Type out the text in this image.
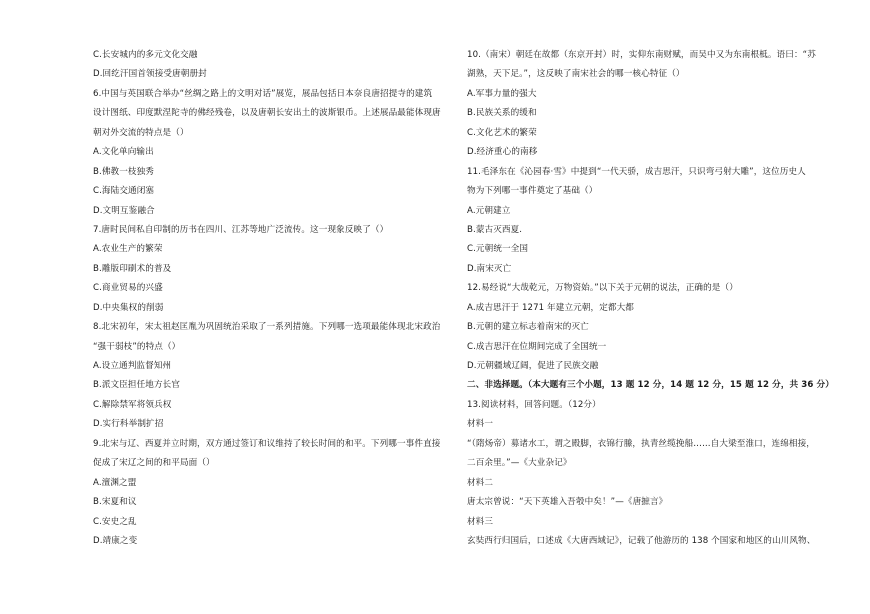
C.长安城内的多元文化交融
D.回纥汗国首领接受唐朝册封
6.中国与英国联合举办“丝绸之路上的文明对话”展览，展品包括日本奈良唐招提寺的建筑
设计图纸、印度默涅陀寺的佛经残卷，以及唐朝长安出土的波斯银币。上述展品最能体现唐
朝对外交流的特点是（）
A.文化单向输出
B.佛教一枝独秀
C.海陆交通闭塞
D.文明互鉴融合
7.唐时民间私自印制的历书在四川、江苏等地广泛流传。这一现象反映了（）
A.农业生产的繁荣
B.雕版印刷术的普及
C.商业贸易的兴盛
D.中央集权的削弱
8.北宋初年，宋太祖赵匡胤为巩固统治采取了一系列措施。下列哪一选项最能体现北宋政治
“强干弱枝”的特点（）
A.设立通判监督知州
B.派文臣担任地方长官
C.解除禁军将领兵权
D.实行科举制扩招
9.北宋与辽、西夏并立时期，双方通过签订和议维持了较长时间的和平。下列哪一事件直接
促成了宋辽之间的和平局面（）
A.澶渊之盟
B.宋夏和议
C.安史之乱
D.靖康之变
10.（南宋）朝廷在故都（东京开封）时，实仰东南财赋，而吴中又为东南根柢。语曰：“苏
湖熟，天下足。”，这反映了南宋社会的哪一核心特征（）
A.军事力量的强大
B.民族关系的缓和
C.文化艺术的繁荣
D.经济重心的南移
11.毛泽东在《沁园春·雪》中提到“一代天骄，成吉思汗，只识弯弓射大雕”，这位历史人
物为下列哪一事件奠定了基础（）
A.元朝建立
B.蒙古灭西夏.
C.元朝统一全国
D.南宋灭亡
12.易经说“大哉乾元，万物资始。”以下关于元朝的说法，正确的是（）
A.成吉思汗于 1271 年建立元朝，定都大都
B.元朝的建立标志着南宋的灭亡
C.成吉思汗在位期间完成了全国统一
D.元朝疆域辽阔，促进了民族交融
二、非选择题。（本大题有三个小题，13 题 12 分，14 题 12 分，15 题 12 分，共 36 分）
13.阅读材料，回答问题。（12分）
材料一
“（隋炀帝）募诸水工，谓之殿脚，衣锦行縢，执青丝缆挽船……自大梁至淮口，连绵相接，
二百余里。”—《大业杂记》
材料二
唐太宗曾说：“天下英雄入吾彀中矣！”—《唐摭言》
材料三
玄奘西行归国后，口述成《大唐西域记》，记载了他游历的 138 个国家和地区的山川风物、
